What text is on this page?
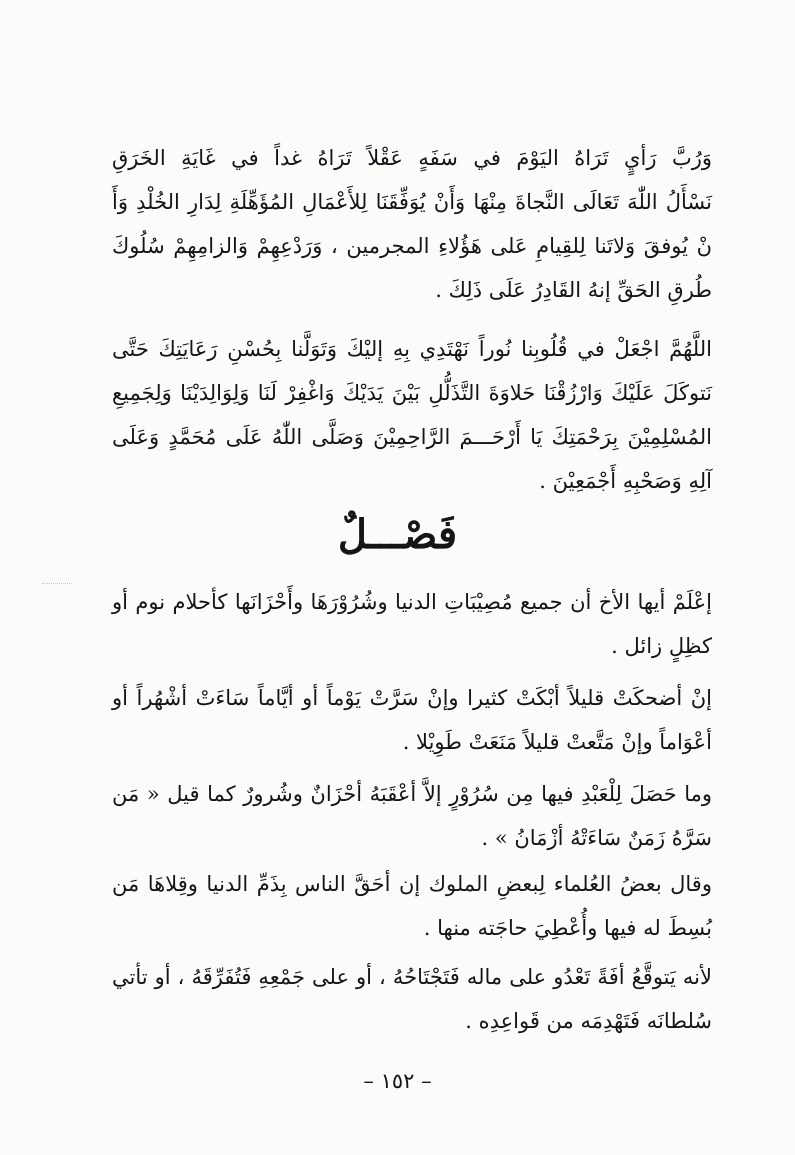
وَرُبَّ رَأيٍ تَرَاهُ اليَوْمَ في سَفَهٍ عَقْلاً تَرَاهُ غداً في غَايَةِ الخَرَقِ

نَسْأَلُ اللّٰهَ تَعَالَى النَّجاةَ مِنْهَا وَأَنْ يُوَفِّقَنَا لِلأَعْمَالِ المُؤَهِّلَةِ لِدَارِ الخُلْدِ وَأَ نْ يُوفقَ وَلاتَنا لِلقِيامِ عَلى هَؤُلاءِ المجرمين ، وَرَدْعِهِمْ وَالزامِهِمْ سُلُوكَ طُرقِ الحَقِّ إنهُ القَادِرُ عَلَى ذَلِكَ .

اللَّهُمَّ اجْعَلْ في قُلُوبِنا نُوراً نَهْتَدِي بِهِ إليْكَ وَتَوَلَّنا بِحُسْنِ رَعَايَتِكَ حَتَّى نَتوكَلَ عَلَيْكَ وَارْزُقْنَا حَلاوَةَ التَّذَلُّلِ بَيْنَ يَدَيْكَ وَاغْفِرْ لَنَا وَلِوَالِدَيْنَا وَلِجَمِيعِ المُسْلِمِيْنَ بِرَحْمَتِكَ يَا أَرْحَـــمَ الرَّاحِمِيْنَ وَصَلَّى اللّٰهُ عَلَى مُحَمَّدٍ وَعَلَى آلِهِ وَصَحْبِهِ أَجْمَعِيْنَ .

فَصْـــلٌ

إعْلَمْ أيها الأخ أن جميع مُصِيْبَاتِ الدنيا وشُرُوْرَهَا وأَحْزَانَها كأحلام نوم أو كظِلٍ زائل .

إنْ أضحكَتْ قليلاً أبْكَتْ كثيرا وإنْ سَرَّتْ يَوْماً أو أيَّاماً سَاءَتْ أشْهُراً أو أعْوَاماً وإنْ مَتَّعتْ قليلاً مَنَعَتْ طَوِيْلا .

وما حَصَلَ لِلْعَبْدِ فيها مِن سُرُوْرٍ إلاَّ أعْقَبَهُ أحْزَانٌ وشُرورٌ كما قيل « مَن سَرَّهُ زَمَنٌ سَاءَتْهُ أزْمَانُ » .

وقال بعضُ العُلماء لِبعضِ الملوك إن أحَقَّ الناس بِذَمِّ الدنيا وقِلاهَا مَن بُسِطَ له فيها وأُعْطِيَ حاجَته منها .

لأنه يَتوقَّعُ أفَةً تَعْدُو على ماله فَتَجْتَاحُهُ ، أو على جَمْعِهِ فَتُفَرِّقَهُ ، أو تأتي سُلطانَه فَتَهْدِمَه من قَواعِدِه .

– ١٥٢ –
